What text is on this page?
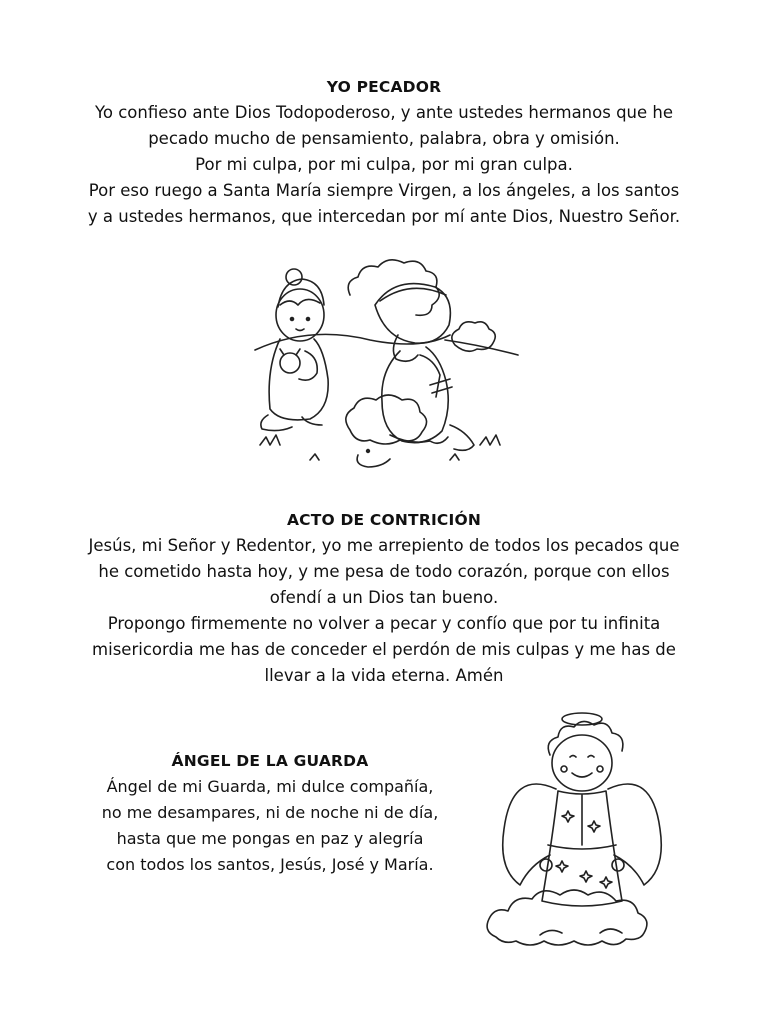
YO PECADOR
Yo confieso ante Dios Todopoderoso, y ante ustedes hermanos que he
pecado mucho de pensamiento, palabra, obra y omisión.
Por mi culpa, por mi culpa, por mi gran culpa.
Por eso ruego a Santa María siempre Virgen, a los ángeles, a los santos
y a ustedes hermanos, que intercedan por mí ante Dios, Nuestro Señor.
ACTO DE CONTRICIÓN
Jesús, mi Señor y Redentor, yo me arrepiento de todos los pecados que
he cometido hasta hoy, y me pesa de todo corazón, porque con ellos
ofendí a un Dios tan bueno.
Propongo firmemente no volver a pecar y confío que por tu infinita
misericordia me has de conceder el perdón de mis culpas y me has de
llevar a la vida eterna. Amén
ÁNGEL DE LA GUARDA
Ángel de mi Guarda, mi dulce compañía,
no me desampares, ni de noche ni de día,
hasta que me pongas en paz y alegría
con todos los santos, Jesús, José y María.
